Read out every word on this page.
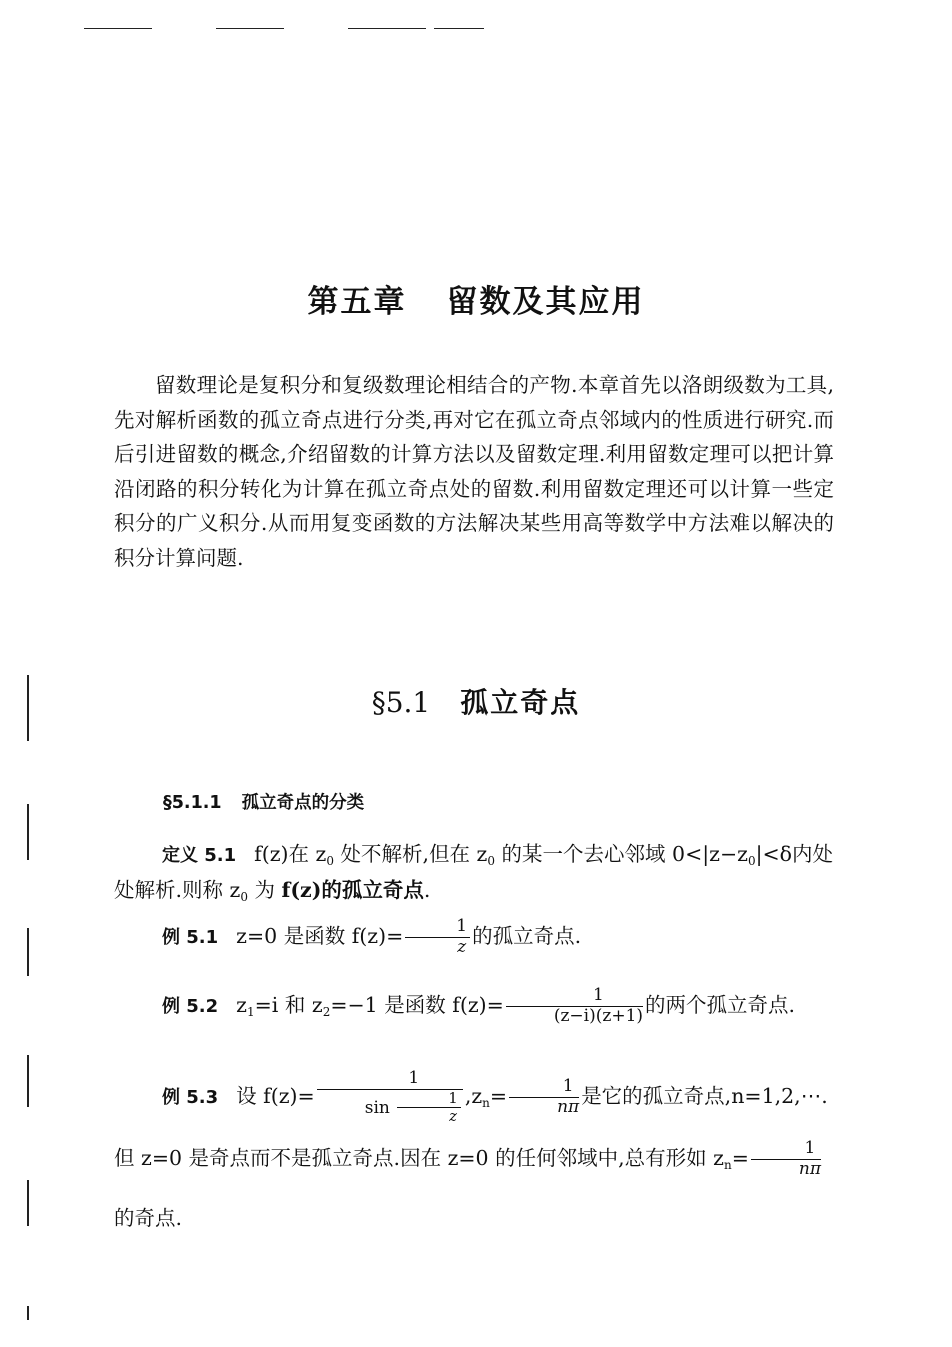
第五章 留数及其应用

留数理论是复积分和复级数理论相结合的产物.本章首先以洛朗级数为工具,先对解析函数的孤立奇点进行分类,再对它在孤立奇点邻域内的性质进行研究.而后引进留数的概念,介绍留数的计算方法以及留数定理.利用留数定理可以把计算沿闭路的积分转化为计算在孤立奇点处的留数.利用留数定理还可以计算一些定积分的广义积分.从而用复变函数的方法解决某些用高等数学中方法难以解决的积分计算问题.

§5.1 孤立奇点
§5.1.1 孤立奇点的分类

定义 5.1 f(z)在 $z_0$ 处不解析,但在 $z_0$ 的某一个去心邻域 $0<|z-z_0|<\delta$内处处解析.则称 $z_0$ 为 f(z)的孤立奇点.

例 5.1 z=0 是函数 $f(z)= \frac{1}{z}$ 的孤立奇点.

例 5.2 $z_1=i$ 和 $z_2=-1$ 是函数 $f(z)= \frac{1}{(z-i)(z+1)}$ 的两个孤立奇点.

例 5.3 设 $f(z)= \frac{1}{\sin \frac{1}{z}} ,z_n= \frac{1}{n\pi}$ 是它的孤立奇点,n=1,2,⋯. 但 z=0 是奇点而不是孤立奇点.因在 z=0 的任何邻域中,总有形如 $z_n= \frac{1}{n\pi}$
的奇点.
